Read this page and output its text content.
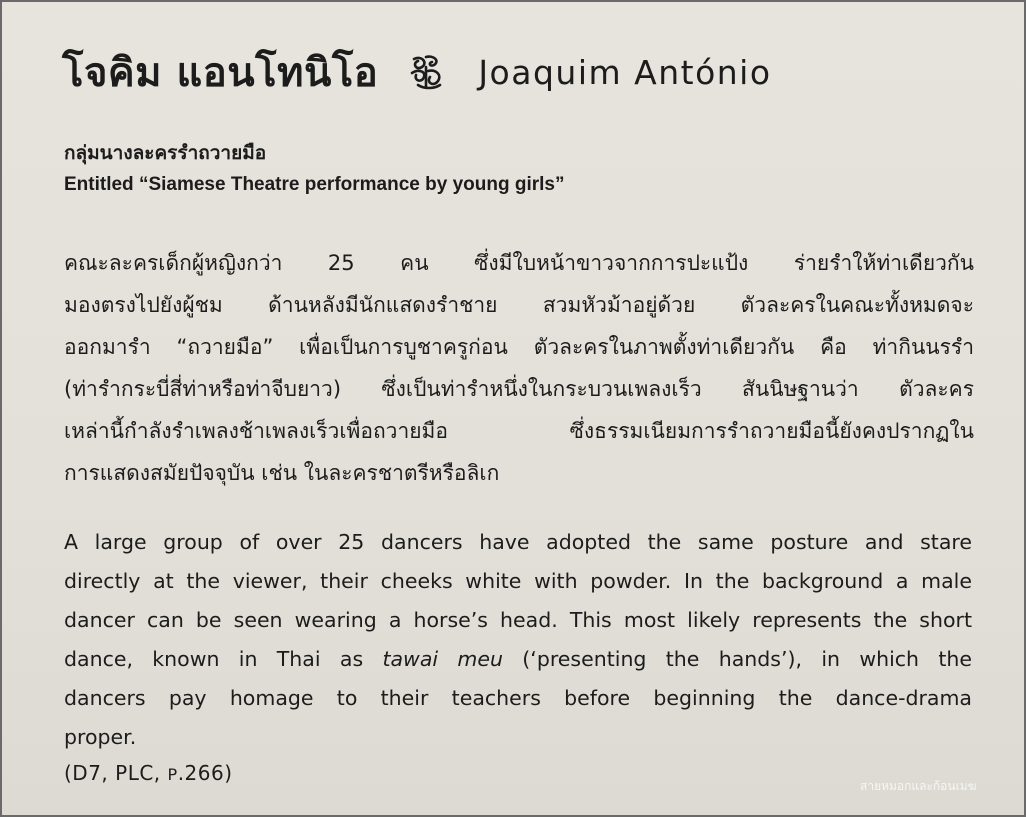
โจคิม แอนโทนิโอ	Joaquim António
กลุ่มนางละครรำถวายมือ
Entitled “Siamese Theatre performance by young girls”
คณะละครเด็กผู้หญิงกว่า 25 คน ซึ่งมีใบหน้าขาวจากการปะแป้ง ร่ายรำให้ท่าเดียวกัน
มองตรงไปยังผู้ชม ด้านหลังมีนักแสดงรำชาย สวมหัวม้าอยู่ด้วย ตัวละครในคณะทั้งหมดจะ
ออกมารำ “ถวายมือ” เพื่อเป็นการบูชาครูก่อน ตัวละครในภาพตั้งท่าเดียวกัน คือ ท่ากินนรรำ
(ท่ารำกระบี่สี่ท่าหรือท่าจีบยาว) ซึ่งเป็นท่ารำหนึ่งในกระบวนเพลงเร็ว สันนิษฐานว่า ตัวละคร
เหล่านี้กำลังรำเพลงช้าเพลงเร็วเพื่อถวายมือ ซึ่งธรรมเนียมการรำถวายมือนี้ยังคงปรากฏใน
การแสดงสมัยปัจจุบัน เช่น ในละครชาตรีหรือลิเก
A large group of over 25 dancers have adopted the same posture and stare
directly at the viewer, their cheeks white with powder. In the background a male
dancer can be seen wearing a horse’s head. This most likely represents the short
dance, known in Thai as tawai meu (‘presenting the hands’), in which the
dancers pay homage to their teachers before beginning the dance-drama
proper.
(D7, PLC, P.266)
สายหมอกและก้อนเมฆ
